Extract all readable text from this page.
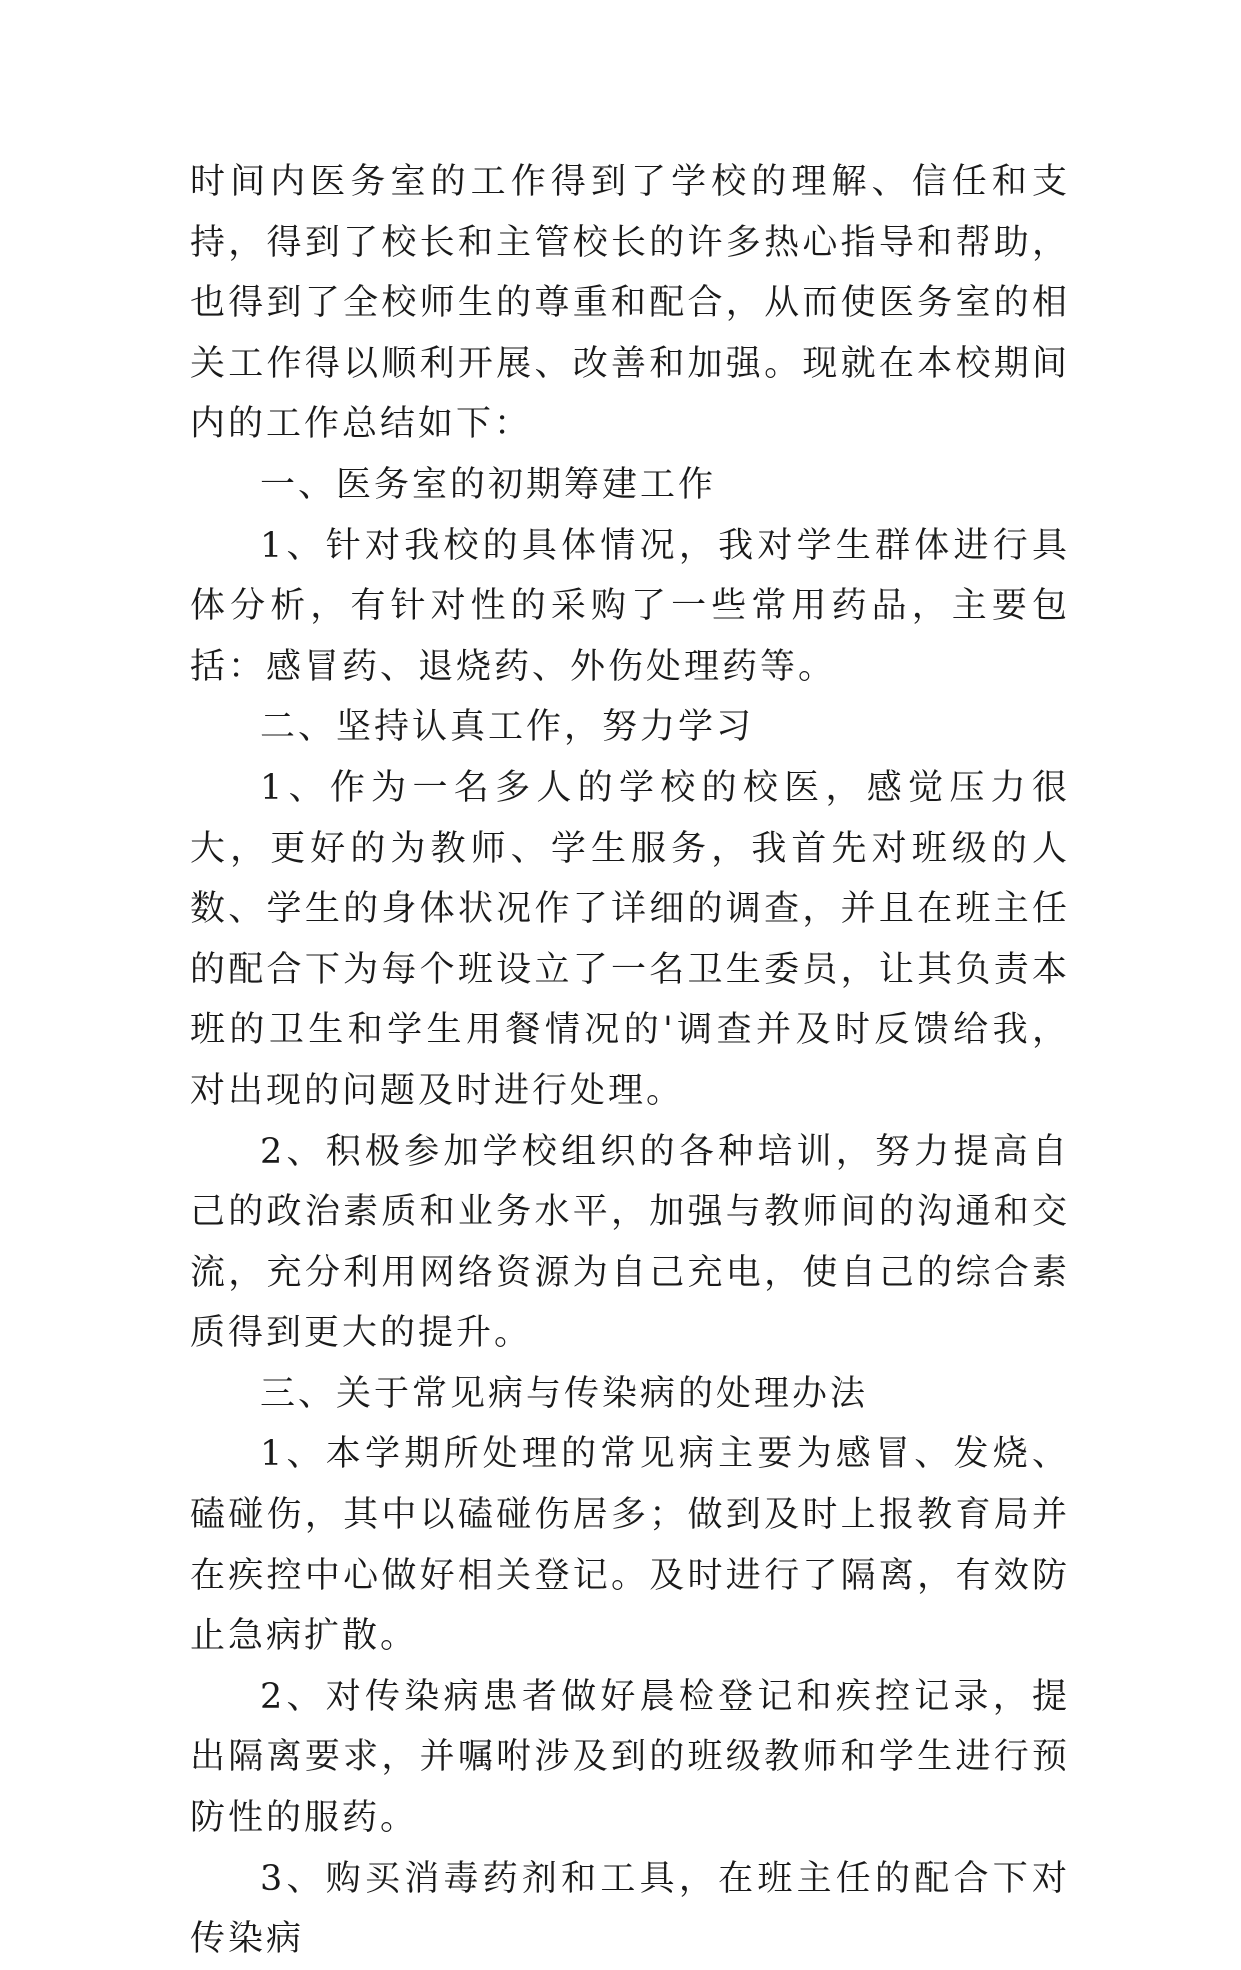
时间内医务室的工作得到了学校的理解、信任和支持，得到了校长和主管校长的许多热心指导和帮助，也得到了全校师生的尊重和配合，从而使医务室的相关工作得以顺利开展、改善和加强。现就在本校期间内的工作总结如下：

一、医务室的初期筹建工作

1、针对我校的具体情况，我对学生群体进行具体分析，有针对性的采购了一些常用药品，主要包括：感冒药、退烧药、外伤处理药等。

二、坚持认真工作，努力学习

1、作为一名多人的学校的校医，感觉压力很大，更好的为教师、学生服务，我首先对班级的人数、学生的身体状况作了详细的调查，并且在班主任的配合下为每个班设立了一名卫生委员，让其负责本班的卫生和学生用餐情况的'调查并及时反馈给我，对出现的问题及时进行处理。

2、积极参加学校组织的各种培训，努力提高自己的政治素质和业务水平，加强与教师间的沟通和交流，充分利用网络资源为自己充电，使自己的综合素质得到更大的提升。

三、关于常见病与传染病的处理办法

1、本学期所处理的常见病主要为感冒、发烧、磕碰伤，其中以磕碰伤居多；做到及时上报教育局并在疾控中心做好相关登记。及时进行了隔离，有效防止急病扩散。

2、对传染病患者做好晨检登记和疾控记录，提出隔离要求，并嘱咐涉及到的班级教师和学生进行预防性的服药。

3、购买消毒药剂和工具，在班主任的配合下对传染病
